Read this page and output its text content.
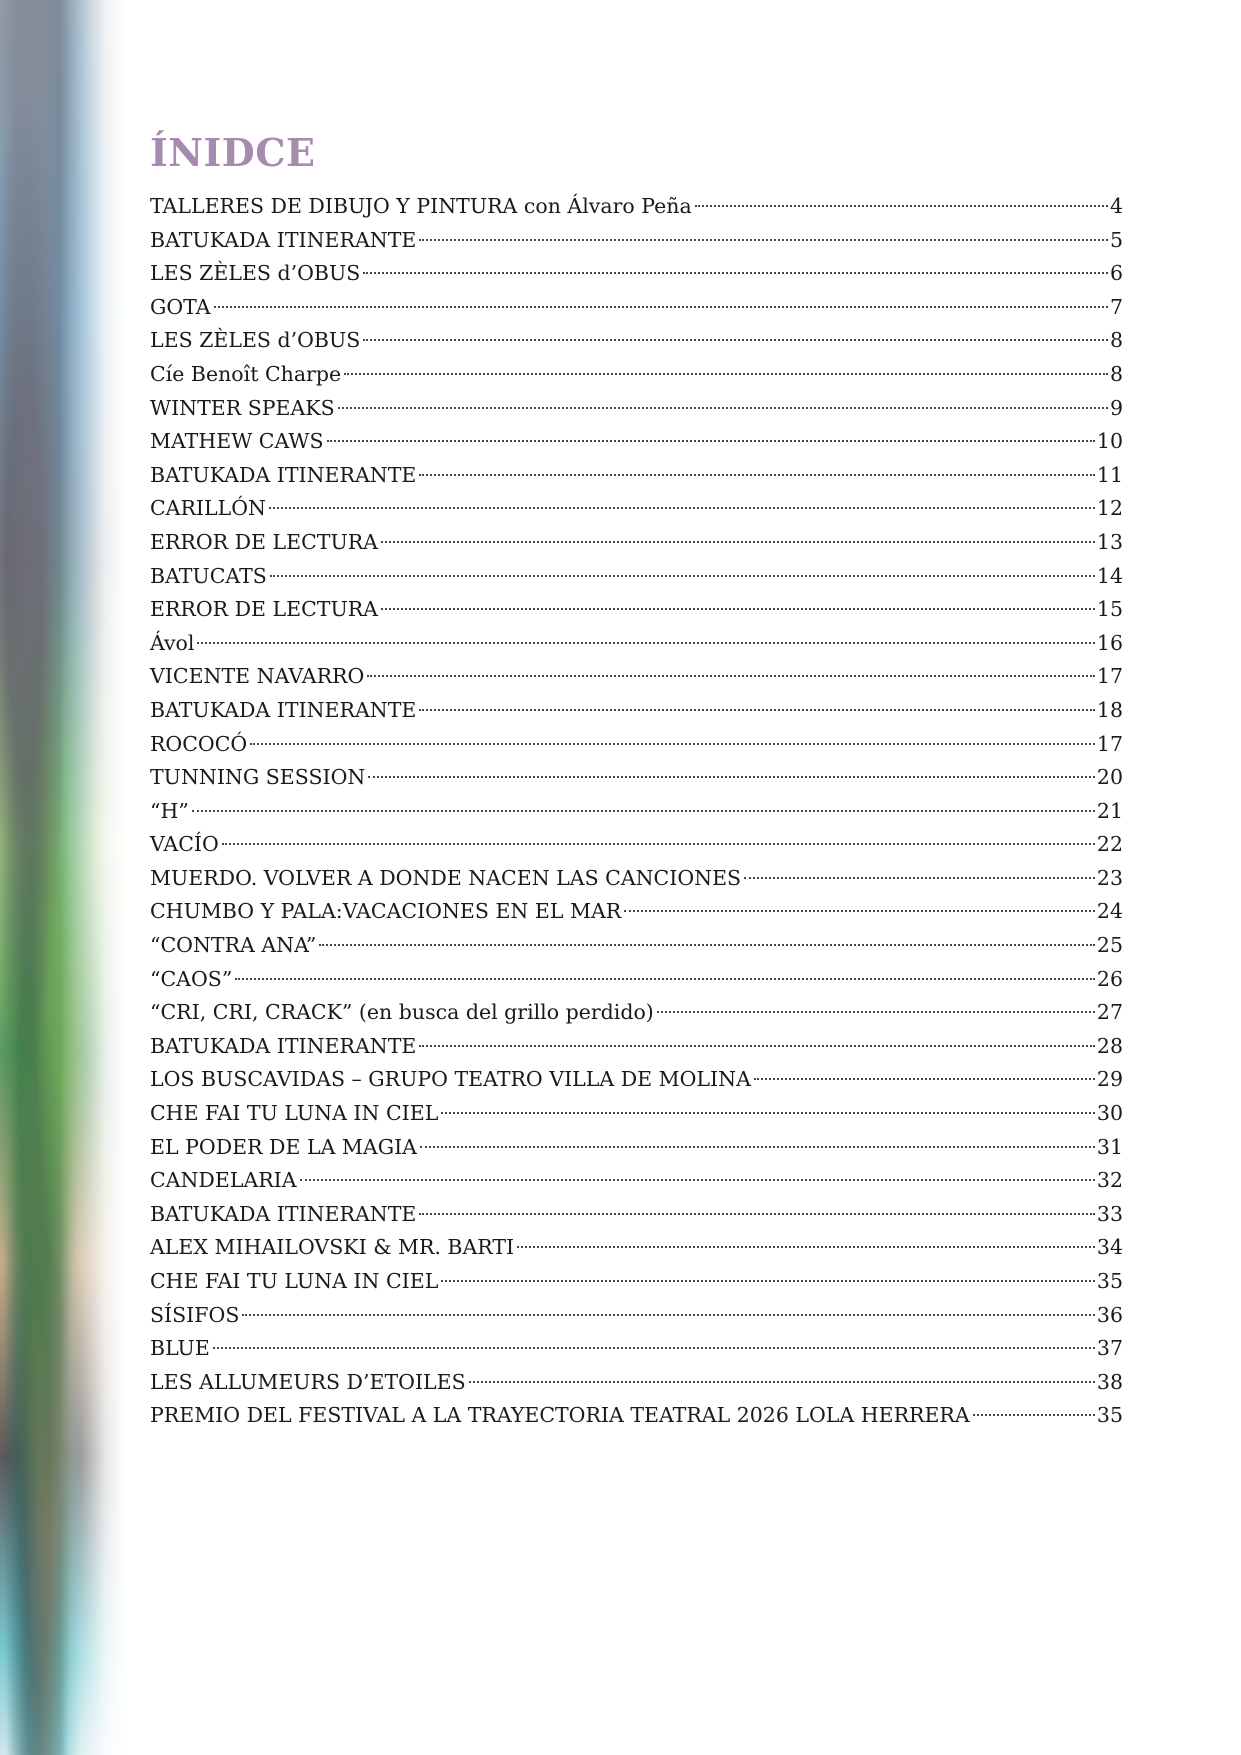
ÍNIDCE
TALLERES DE DIBUJO Y PINTURA con Álvaro Peña	4
BATUKADA ITINERANTE	5
LES ZÈLES d’OBUS	6
GOTA	7
LES ZÈLES d’OBUS	8
Cíe Benoît Charpe	8
WINTER SPEAKS	9
MATHEW CAWS	10
BATUKADA ITINERANTE	11
CARILLÓN	12
ERROR DE LECTURA	13
BATUCATS	14
ERROR DE LECTURA	15
Ávol	16
VICENTE NAVARRO	17
BATUKADA ITINERANTE	18
ROCOCÓ	17
TUNNING SESSION	20
“H”	21
VACÍO	22
MUERDO. VOLVER A DONDE NACEN LAS CANCIONES	23
CHUMBO Y PALA:VACACIONES EN EL MAR	24
“CONTRA ANA”	25
“CAOS”	26
“CRI, CRI, CRACK” (en busca del grillo perdido)	27
BATUKADA ITINERANTE	28
LOS BUSCAVIDAS – GRUPO TEATRO VILLA DE MOLINA	29
CHE FAI TU LUNA IN CIEL	30
EL PODER DE LA MAGIA	31
CANDELARIA	32
BATUKADA ITINERANTE	33
ALEX MIHAILOVSKI & MR. BARTI	34
CHE FAI TU LUNA IN CIEL	35
SÍSIFOS	36
BLUE	37
LES ALLUMEURS D’ETOILES	38
PREMIO DEL FESTIVAL A LA TRAYECTORIA TEATRAL 2026 LOLA HERRERA	35
